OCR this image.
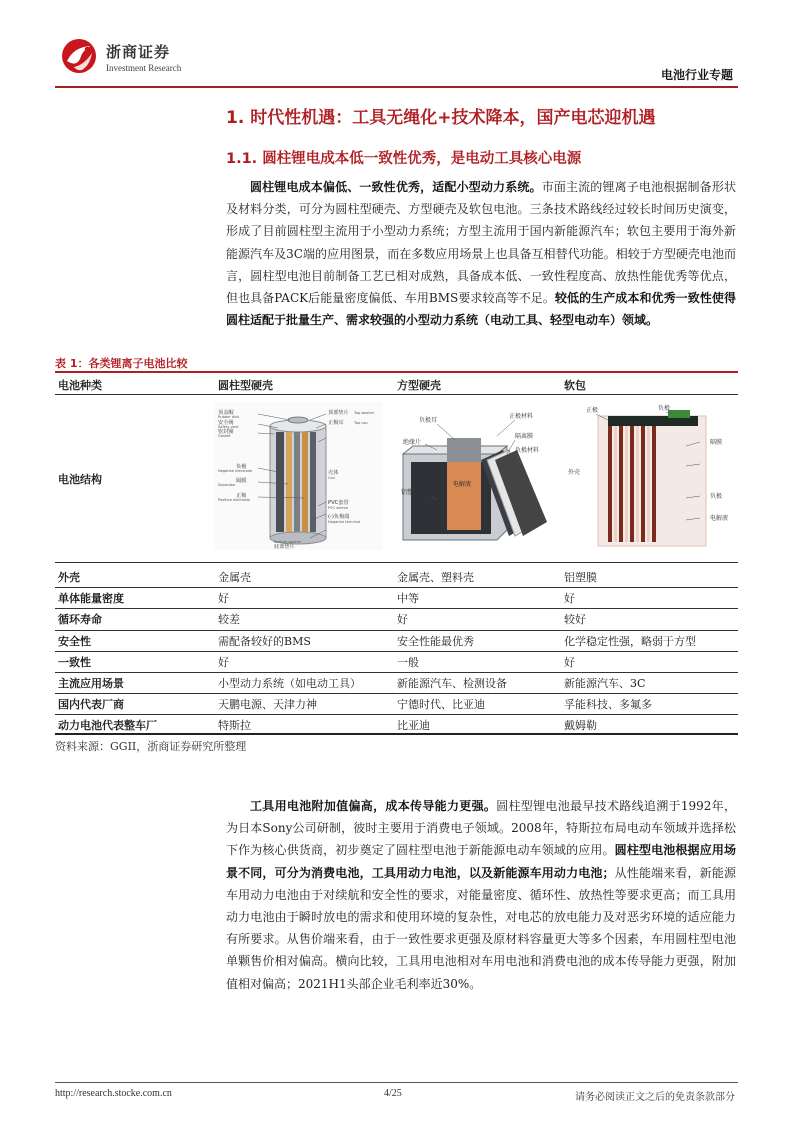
浙商证券
Investment Research	电池行业专题
1. 时代性机遇：工具无绳化+技术降本，国产电芯迎机遇
1.1. 圆柱锂电成本低一致性优秀，是电动工具核心电源
圆柱锂电成本偏低、一致性优秀，适配小型动力系统。市面主流的锂离子电池根据制备形状及材料分类，可分为圆柱型硬壳、方型硬壳及软包电池。三条技术路线经过较长时间历史演变，形成了目前圆柱型主流用于小型动力系统；方型主流用于国内新能源汽车；软包主要用于海外新能源汽车及3C端的应用图景，而在多数应用场景上也具备互相替代功能。相较于方型硬壳电池而言，圆柱型电池目前制备工艺已相对成熟，具备成本低、一致性程度高、放热性能优秀等优点，但也具备PACK后能量密度偏低、车用BMS要求较高等不足。较低的生产成本和优秀一致性使得圆柱适配于批量生产、需求较强的小型动力系统（电动工具、轻型电动车）领域。
表 1：各类锂离子电池比较
电池种类	圆柱型硬壳	方型硬壳	软包
电池结构
顶盖帽
安全阀
密封圈
负极
隔膜
正极
顶部垫片
正极耳
壳体
PVC套管
(-)负极端
底部垫片
Rubber disk
Safety vent
Gasket
Negative electrode
Separator
Positive electrode
Top washer
Top cap
Can
PVC sleeve
Negative terminal
Bottom washer
负极耳
正极材料
绝缘片
隔离膜
负极材料
铝塑包装膜
电解液
正极	负极
外壳
隔膜
负极
电解液
外壳	金属壳	金属壳、塑料壳	铝塑膜
单体能量密度	好	中等	好
循环寿命	较差	好	较好
安全性	需配备较好的BMS	安全性能最优秀	化学稳定性强，略弱于方型
一致性	好	一般	好
主流应用场景	小型动力系统（如电动工具）	新能源汽车、检测设备	新能源汽车、3C
国内代表厂商	天鹏电源、天津力神	宁德时代、比亚迪	孚能科技、多氟多
动力电池代表整车厂	特斯拉	比亚迪	戴姆勒
资料来源：GGII，浙商证券研究所整理
工具用电池附加值偏高，成本传导能力更强。圆柱型锂电池最早技术路线追溯于1992年，为日本Sony公司研制，彼时主要用于消费电子领域。2008年，特斯拉布局电动车领域并选择松下作为核心供货商，初步奠定了圆柱型电池于新能源电动车领域的应用。圆柱型电池根据应用场景不同，可分为消费电池，工具用动力电池，以及新能源车用动力电池；从性能端来看，新能源车用动力电池由于对续航和安全性的要求，对能量密度、循环性、放热性等要求更高；而工具用动力电池由于瞬时放电的需求和使用环境的复杂性，对电芯的放电能力及对恶劣环境的适应能力有所要求。从售价端来看，由于一致性要求更强及原材料容量更大等多个因素，车用圆柱型电池单颗售价相对偏高。横向比较，工具用电池相对车用电池和消费电池的成本传导能力更强，附加值相对偏高；2021H1头部企业毛利率近30%。
http://research.stocke.com.cn	4/25	请务必阅读正文之后的免责条款部分
